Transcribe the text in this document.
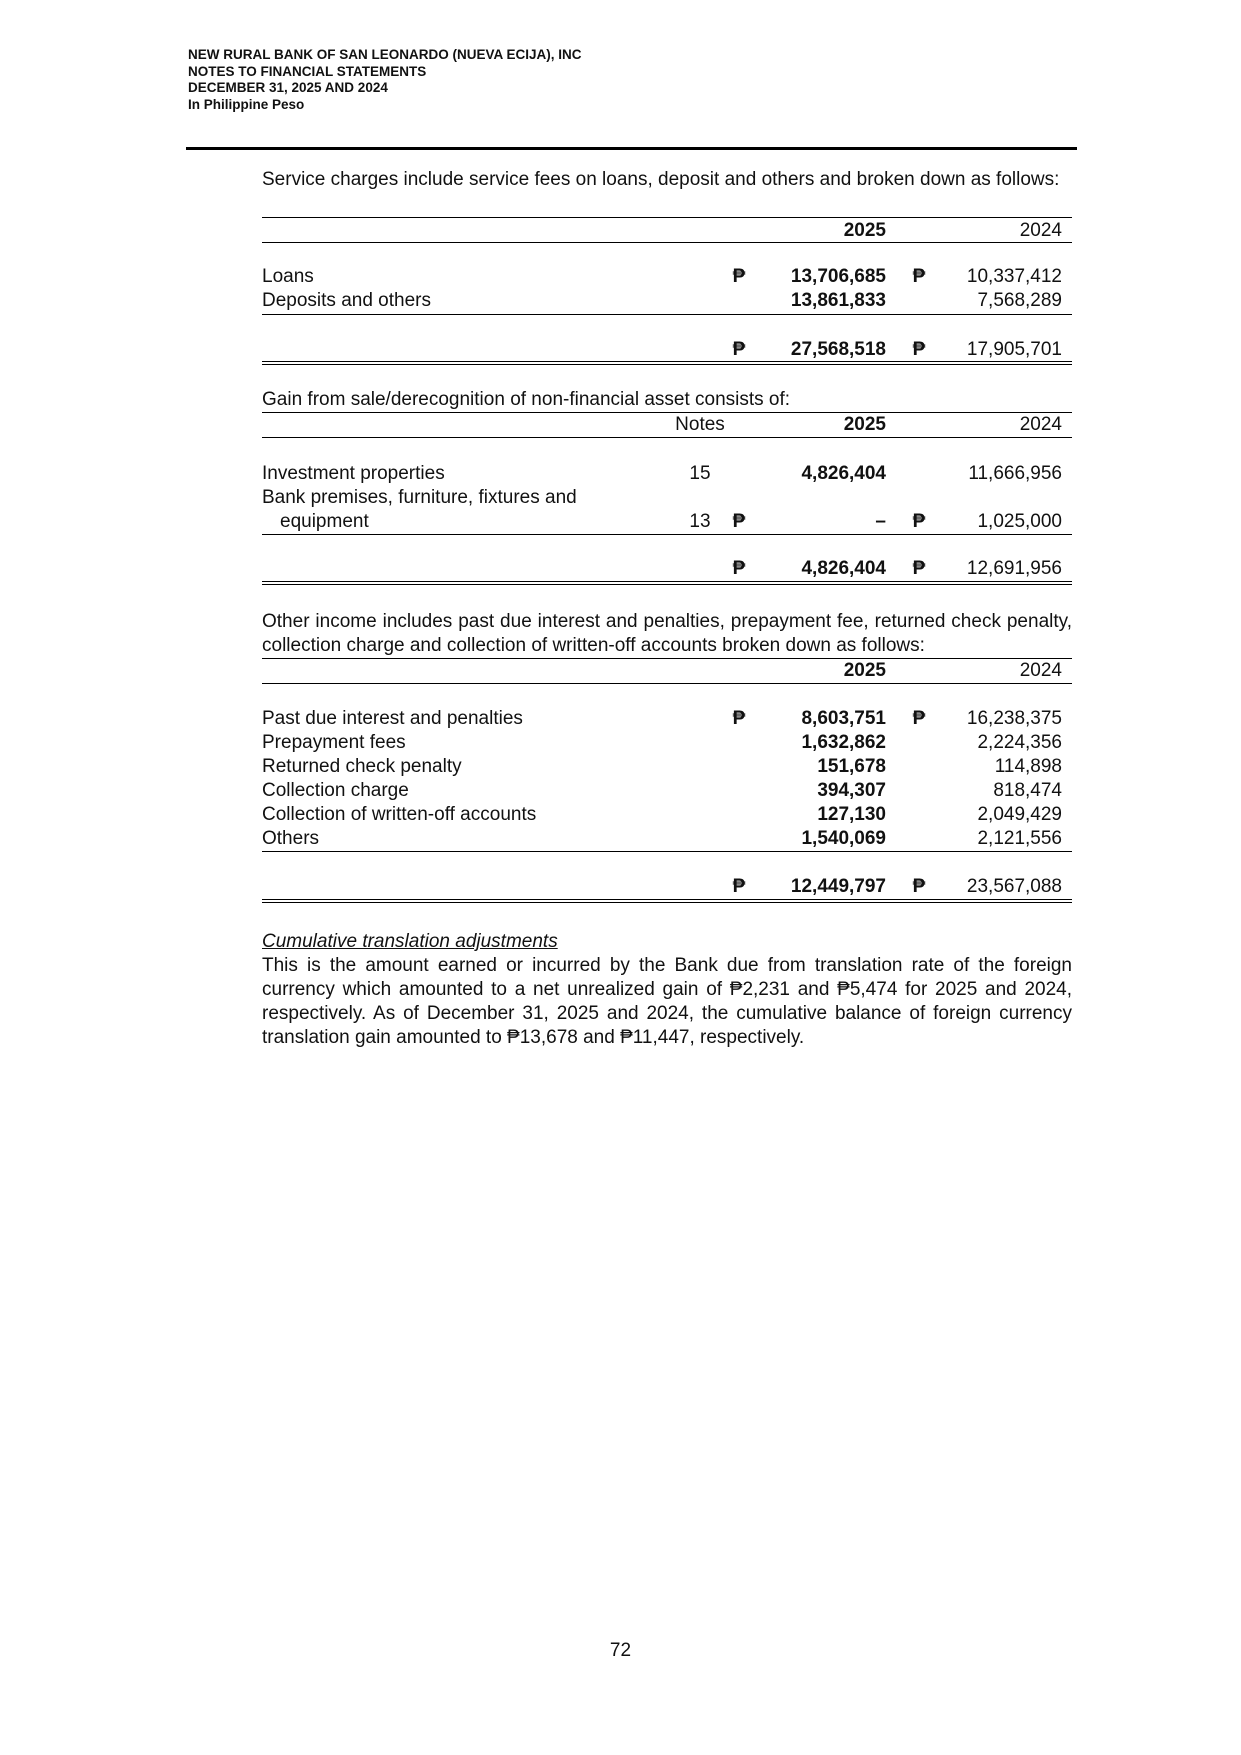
NEW RURAL BANK OF SAN LEONARDO (NUEVA ECIJA), INC
NOTES TO FINANCIAL STATEMENTS
DECEMBER 31, 2025 AND 2024
In Philippine Peso
Service charges include service fees on loans, deposit and others and broken down as follows:
2025	2024
Loans	₱ 13,706,685 ₱ 10,337,412
Deposits and others	13,861,833	7,568,289
₱ 27,568,518 ₱ 17,905,701
Gain from sale/derecognition of non-financial asset consists of:
Notes	2025	2024
Investment properties	15	4,826,404	11,666,956
Bank premises, furniture, fixtures and
equipment	13	₱	– ₱	1,025,000
₱	4,826,404 ₱ 12,691,956
Other income includes past due interest and penalties, prepayment fee, returned check penalty, collection charge and collection of written-off accounts broken down as follows:
2025	2024
Past due interest and penalties	₱	8,603,751 ₱ 16,238,375
Prepayment fees	1,632,862	2,224,356
Returned check penalty	151,678	114,898
Collection charge	394,307	818,474
Collection of written-off accounts	127,130	2,049,429
Others	1,540,069	2,121,556
₱ 12,449,797 ₱ 23,567,088
Cumulative translation adjustments
This is the amount earned or incurred by the Bank due from translation rate of the foreign currency which amounted to a net unrealized gain of ₱2,231 and ₱5,474 for 2025 and 2024, respectively. As of December 31, 2025 and 2024, the cumulative balance of foreign currency translation gain amounted to ₱13,678 and ₱11,447, respectively.
72
